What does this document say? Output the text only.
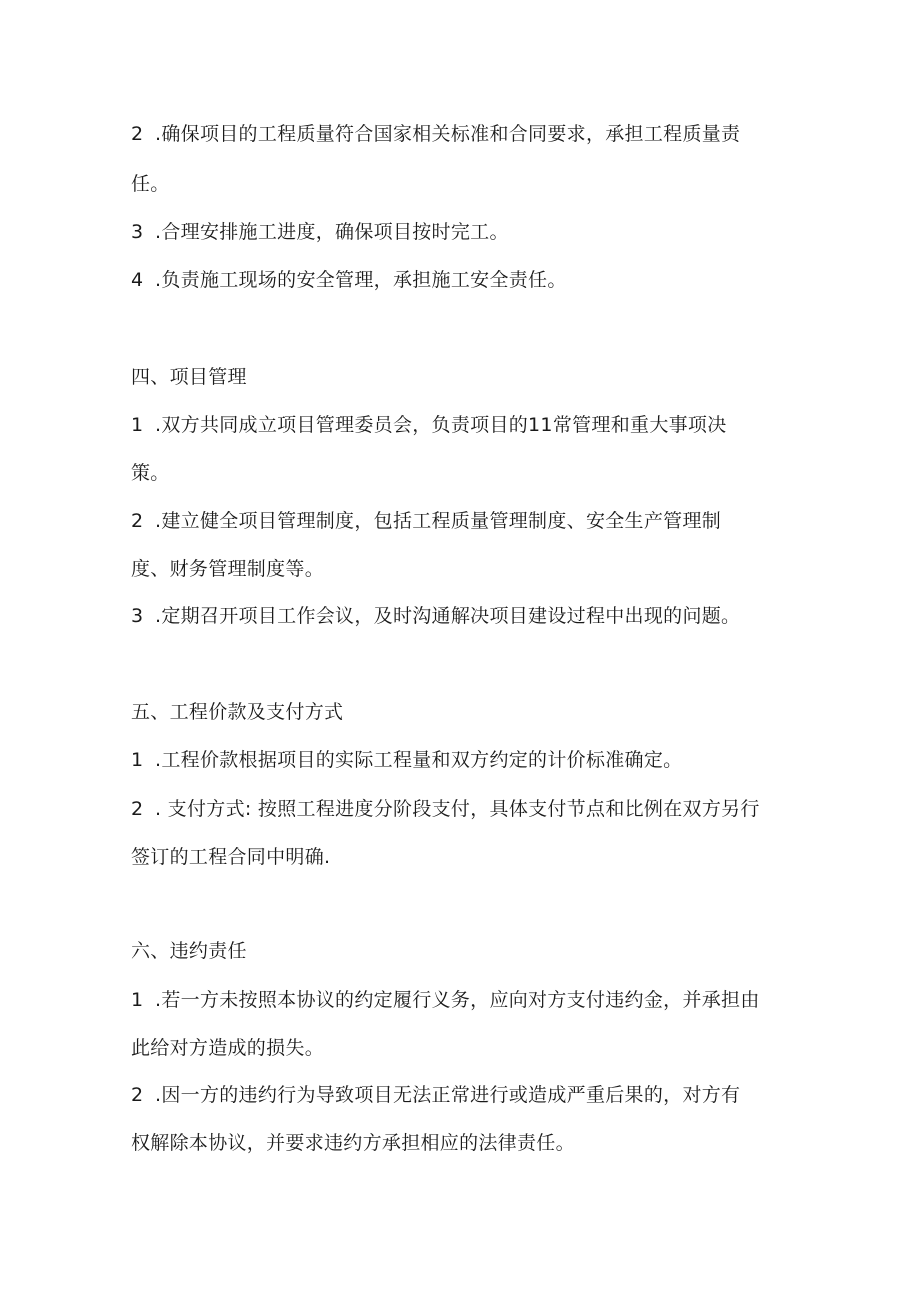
2 .确保项目的工程质量符合国家相关标准和合同要求，承担工程质量责
任。
3 .合理安排施工进度，确保项目按时完工。
4 .负责施工现场的安全管理，承担施工安全责任。
四、项目管理
1 .双方共同成立项目管理委员会，负责项目的11常管理和重大事项决
策。
2 .建立健全项目管理制度，包括工程质量管理制度、安全生产管理制
度、财务管理制度等。
3 .定期召开项目工作会议，及时沟通解决项目建设过程中出现的问题。
五、工程价款及支付方式
1 .工程价款根据项目的实际工程量和双方约定的计价标准确定。
2 . 支付方式: 按照工程进度分阶段支付，具体支付节点和比例在双方另行
签订的工程合同中明确.
六、违约责任
1 .若一方未按照本协议的约定履行义务，应向对方支付违约金，并承担由
此给对方造成的损失。
2 .因一方的违约行为导致项目无法正常进行或造成严重后果的，对方有
权解除本协议，并要求违约方承担相应的法律责任。
